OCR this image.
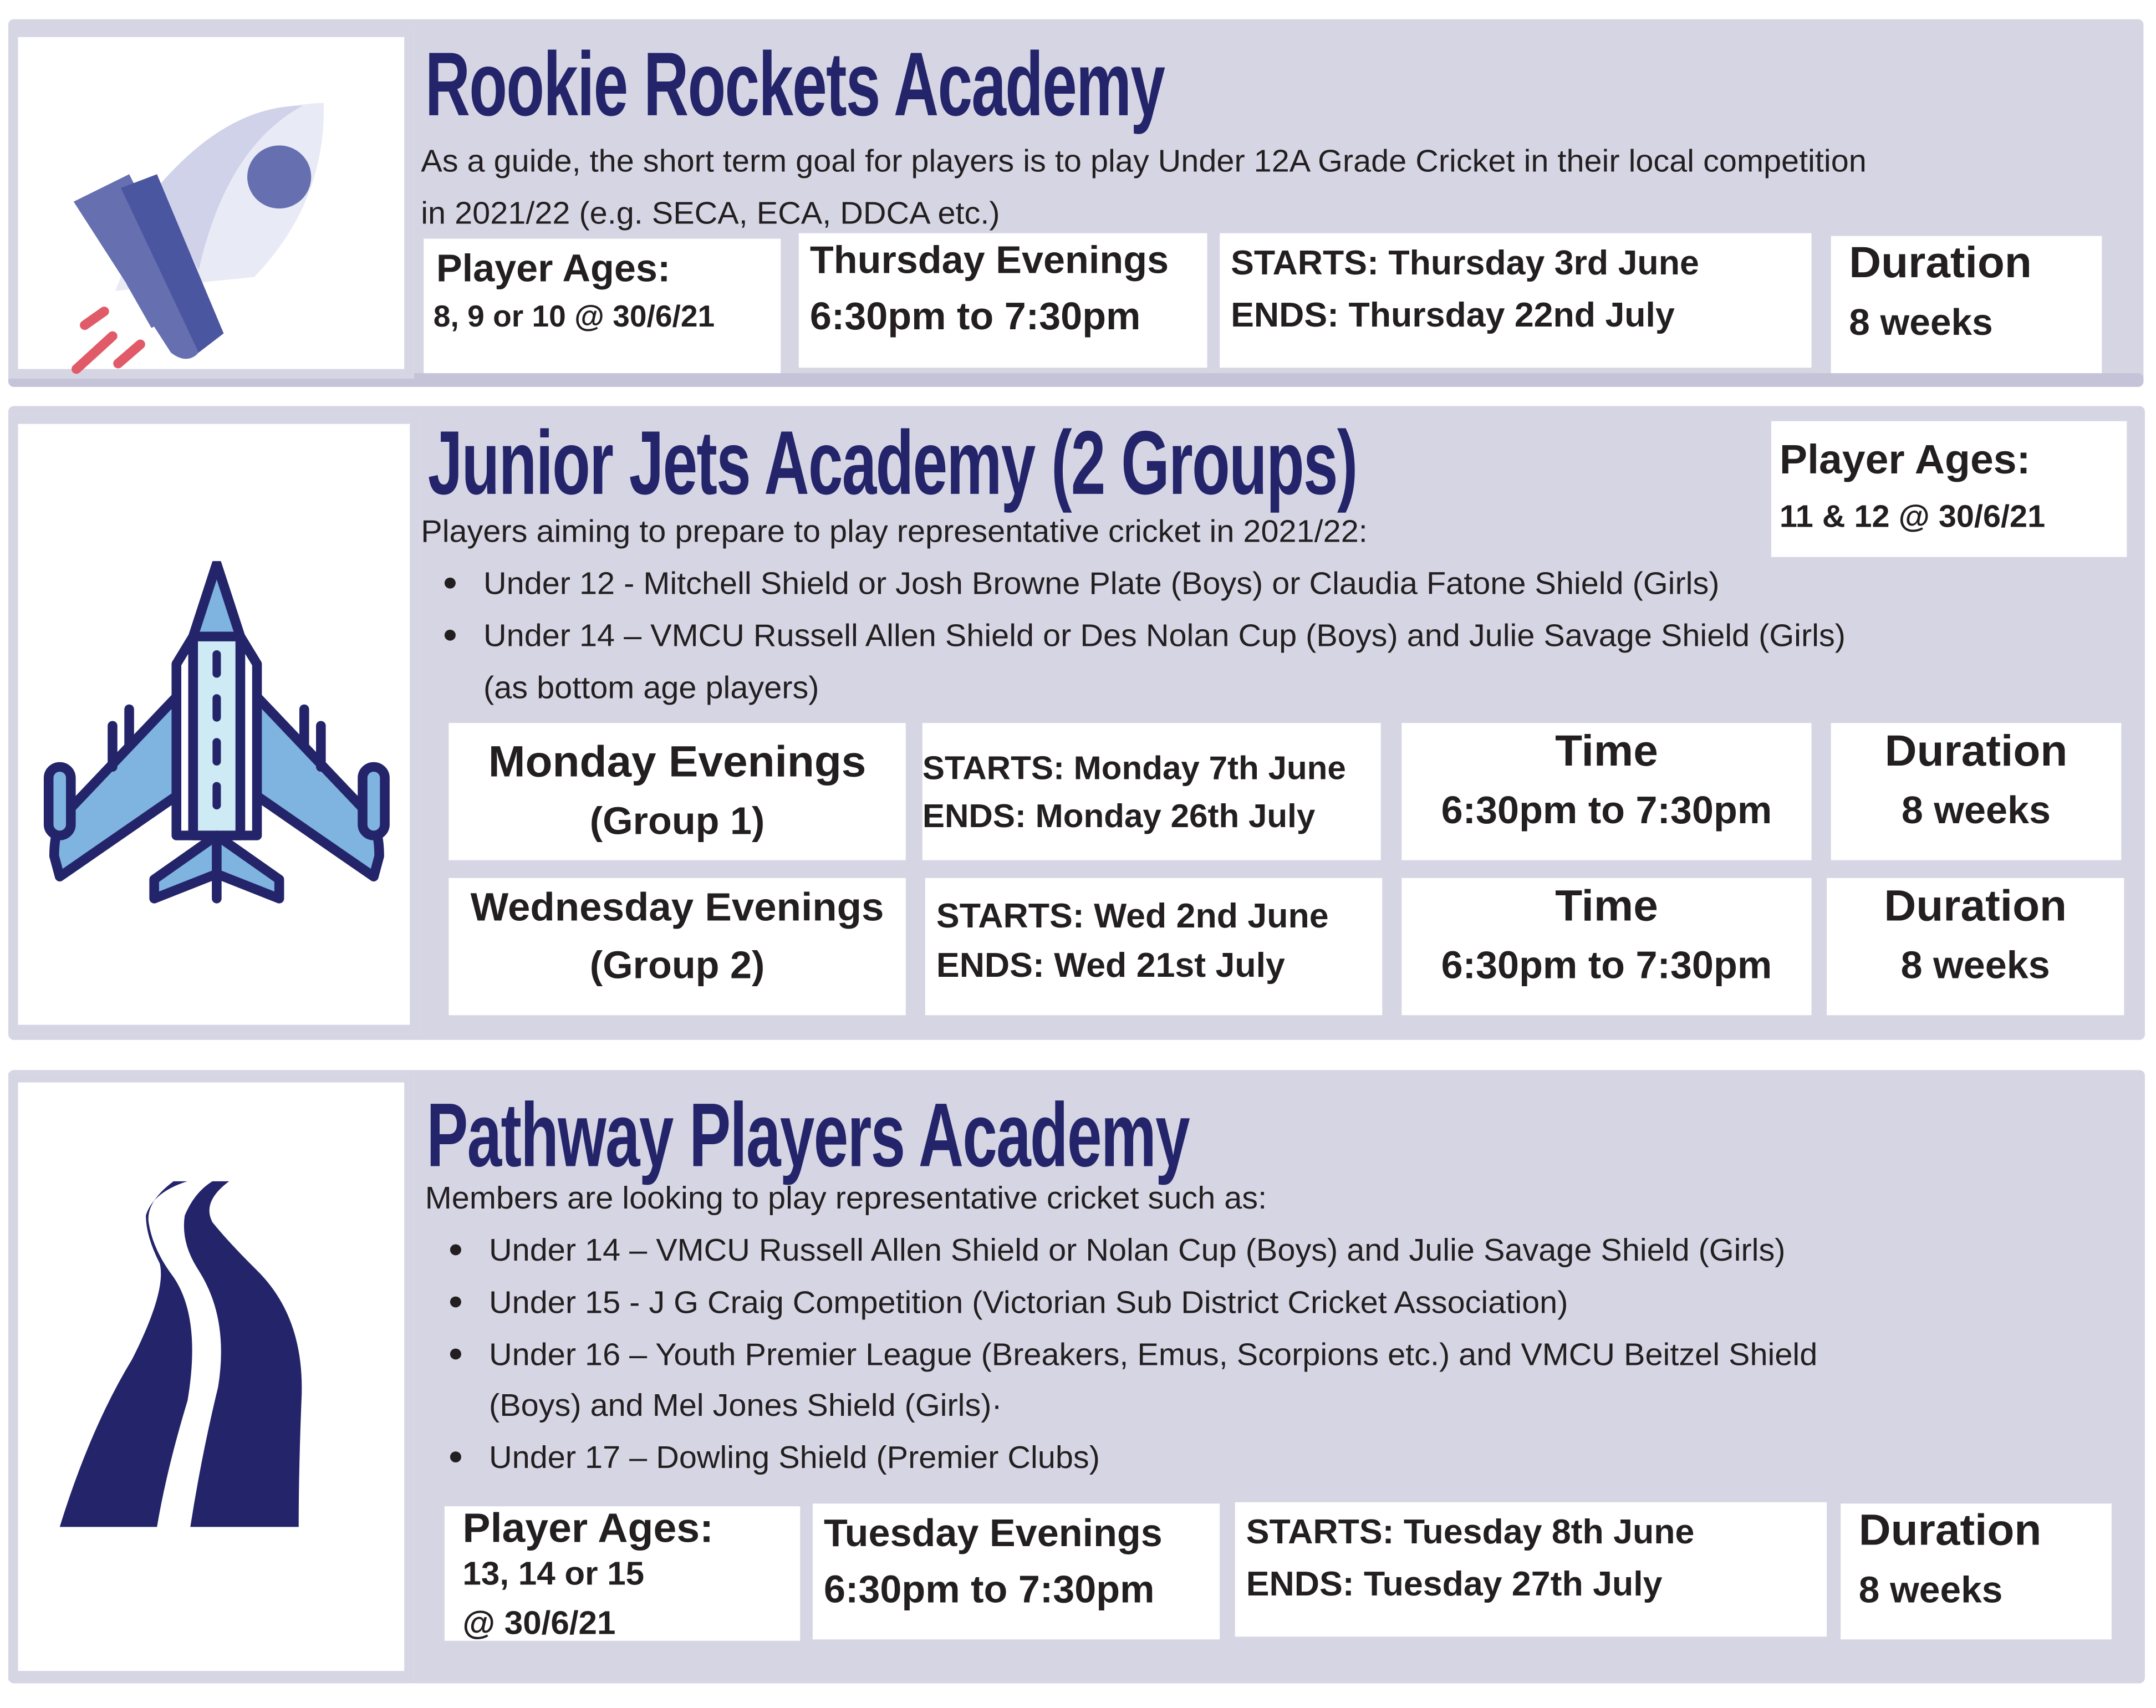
Rookie Rockets Academy
As a guide, the short term goal for players is to play Under 12A Grade Cricket in their local competition
in 2021/22 (e.g. SECA, ECA, DDCA etc.)
Player Ages:
8, 9 or 10 @ 30/6/21
Thursday Evenings
6:30pm to 7:30pm
STARTS: Thursday 3rd June
ENDS: Thursday 22nd July
Duration
8 weeks
Junior Jets Academy (2 Groups)	Player Ages:
11 & 12 @ 30/6/21
Players aiming to prepare to play representative cricket in 2021/22:
Under 12 - Mitchell Shield or Josh Browne Plate (Boys) or Claudia Fatone Shield (Girls)
Under 14 – VMCU Russell Allen Shield or Des Nolan Cup (Boys) and Julie Savage Shield (Girls)
(as bottom age players)
Monday Evenings
(Group 1)
STARTS: Monday 7th June
ENDS: Monday 26th July
Time
6:30pm to 7:30pm
Duration
8 weeks
Wednesday Evenings
(Group 2)
STARTS: Wed 2nd June
ENDS: Wed 21st July
Time
6:30pm to 7:30pm
Duration
8 weeks
Pathway Players Academy
Members are looking to play representative cricket such as:
Under 14 – VMCU Russell Allen Shield or Nolan Cup (Boys) and Julie Savage Shield (Girls)
Under 15 - J G Craig Competition (Victorian Sub District Cricket Association)
Under 16 – Youth Premier League (Breakers, Emus, Scorpions etc.) and VMCU Beitzel Shield
(Boys) and Mel Jones Shield (Girls)·
Under 17 – Dowling Shield (Premier Clubs)
Player Ages:
13, 14 or 15
@ 30/6/21
Tuesday Evenings
6:30pm to 7:30pm
STARTS: Tuesday 8th June
ENDS: Tuesday 27th July
Duration
8 weeks
